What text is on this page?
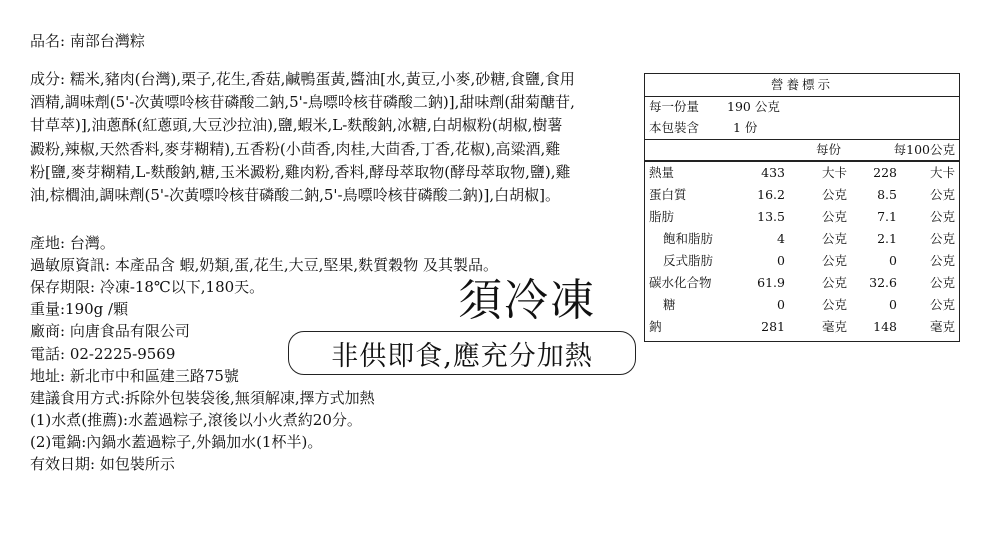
品名: 南部台灣粽
成分: 糯米,豬肉(台灣),栗子,花生,香菇,鹹鴨蛋黃,醬油[水,黃豆,小麥,砂糖,食鹽,食用酒精,調味劑(5'-次黃嘌呤核苷磷酸二鈉,5'-鳥嘌呤核苷磷酸二鈉)],甜味劑(甜菊醣苷,甘草萃)],油蔥酥(紅蔥頭,大豆沙拉油),鹽,蝦米,L-麩酸鈉,冰糖,白胡椒粉(胡椒,樹薯澱粉,辣椒,天然香料,麥芽糊精),五香粉(小茴香,肉桂,大茴香,丁香,花椒),高粱酒,雞粉[鹽,麥芽糊精,L-麩酸鈉,糖,玉米澱粉,雞肉粉,香料,酵母萃取物(酵母萃取物,鹽),雞油,棕櫚油,調味劑(5'-次黃嘌呤核苷磷酸二鈉,5'-鳥嘌呤核苷磷酸二鈉)],白胡椒]。
產地: 台灣。
過敏原資訊: 本產品含 蝦,奶類,蛋,花生,大豆,堅果,麩質穀物 及其製品。
保存期限: 冷凍-18℃以下,180天。
重量:190g /顆
廠商: 向唐食品有限公司
電話: 02-2225-9569
地址: 新北市中和區建三路75號
建議食用方式:拆除外包裝袋後,無須解凍,擇方式加熱
(1)水煮(推薦):水蓋過粽子,滾後以小火煮約20分。
(2)電鍋:內鍋水蓋過粽子,外鍋加水(1杯半)。
有效日期: 如包裝所示
須冷凍
非供即食,應充分加熱
營養標示
每一份量 190 公克
本包裝含	1 份
每份	每100公克
熱量	433	大卡 228	大卡
蛋白質	16.2	公克 8.5	公克
脂肪	13.5	公克 7.1	公克
飽和脂肪	4	公克 2.1	公克
反式脂肪	0	公克	0	公克
碳水化合物	61.9	公克 32.6	公克
糖	0	公克	0	公克
鈉	281	毫克 148	毫克
